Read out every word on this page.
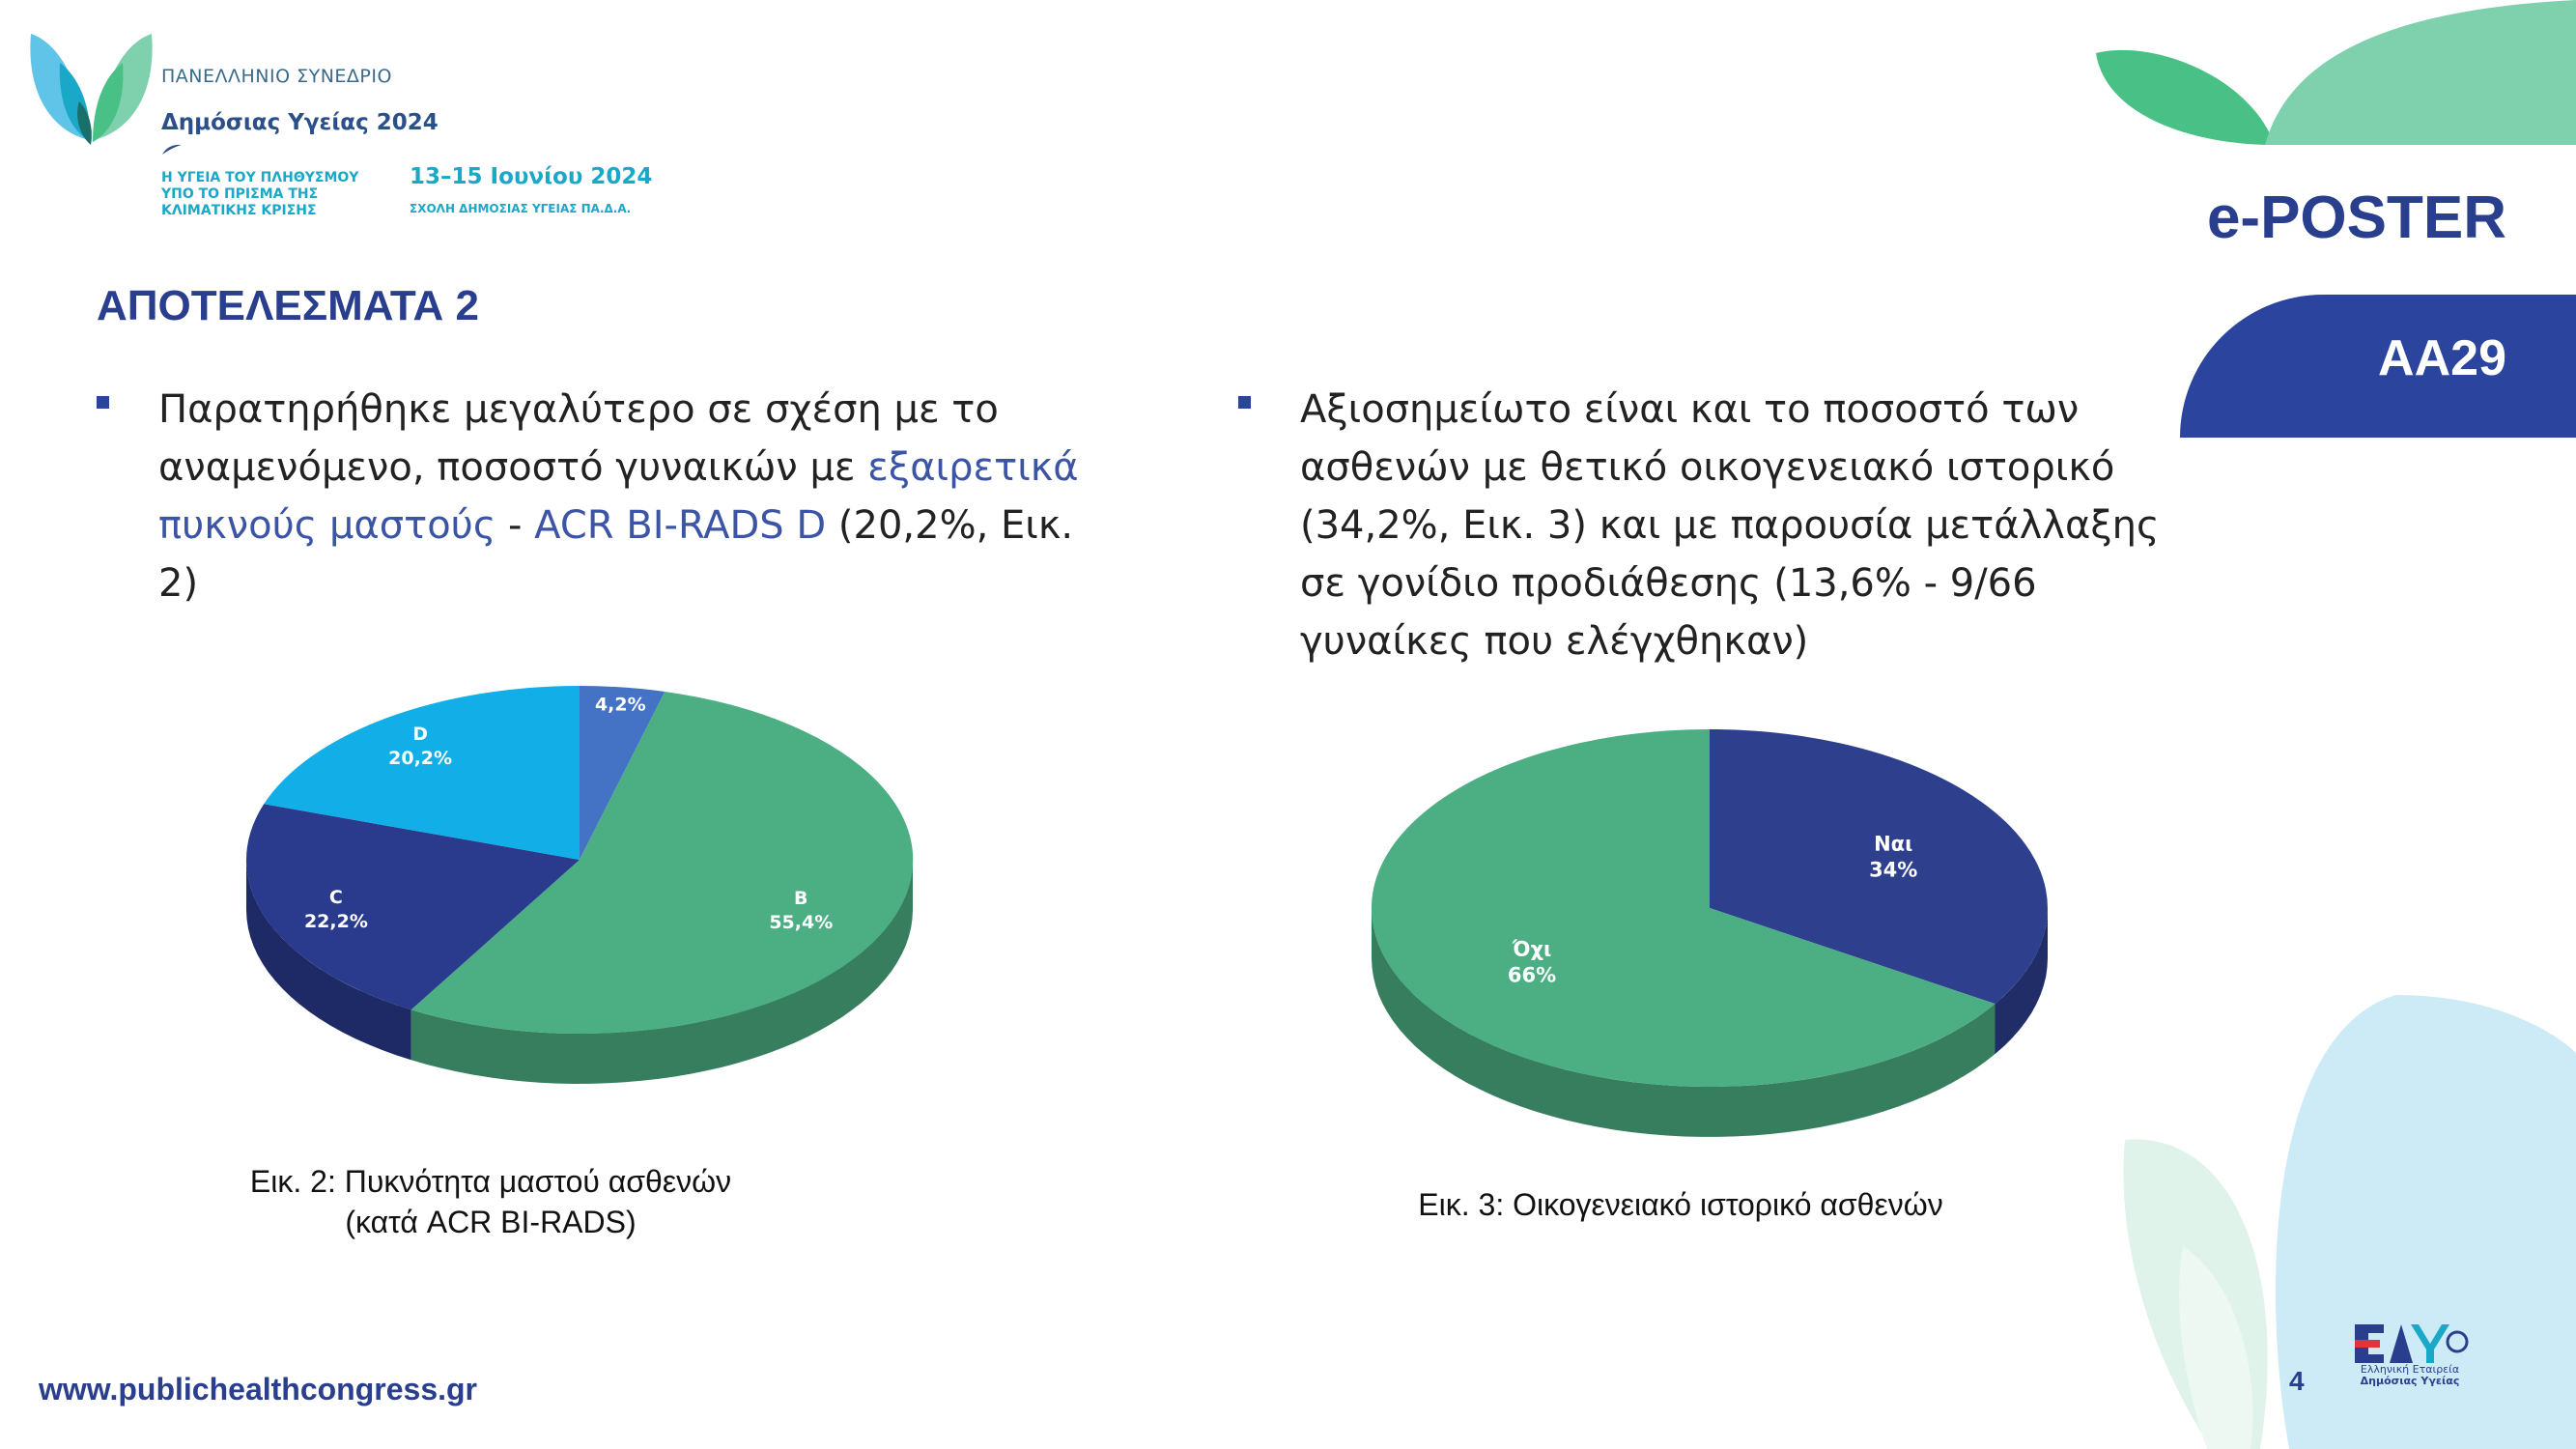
ΠΑΝΕΛΛΗΝΙΟ ΣΥΝΕΔΡΙΟ
Δημόσιας Υγείας 2024
Η ΥΓΕΙΑ ΤΟΥ ΠΛΗΘΥΣΜΟΥ ΥΠΟ ΤΟ ΠΡΙΣΜΑ ΤΗΣ ΚΛΙΜΑΤΙΚΗΣ ΚΡΙΣΗΣ
13–15 Ιουνίου 2024
ΣΧΟΛΗ ΔΗΜΟΣΙΑΣ ΥΓΕΙΑΣ ΠΑ.Δ.Α.	e-POSTER
ΑΑ29
ΑΠΟΤΕΛΕΣΜΑΤΑ 2
Παρατηρήθηκε μεγαλύτερο σε σχέση με το αναμενόμενο, ποσοστό γυναικών με εξαιρετικά πυκνούς μαστούς - ACR BI-RADS D (20,2%, Εικ. 2)
Αξιοσημείωτο είναι και το ποσοστό των ασθενών με θετικό οικογενειακό ιστορικό (34,2%, Εικ. 3) και με παρουσία μετάλλαξης σε γονίδιο προδιάθεσης (13,6% - 9/66 γυναίκες που ελέγχθηκαν)
A
4,2%
B
55,4%
C
22,2%
D
20,2%
Ναι
34%
Όχι
66%
Εικ. 2: Πυκνότητα μαστού ασθενών
(κατά ACR BI-RADS)	Εικ. 3: Οικογενειακό ιστορικό ασθενών
www.publichealthcongress.gr	4	Ελληνική Εταιρεία
Δημόσιας Υγείας
